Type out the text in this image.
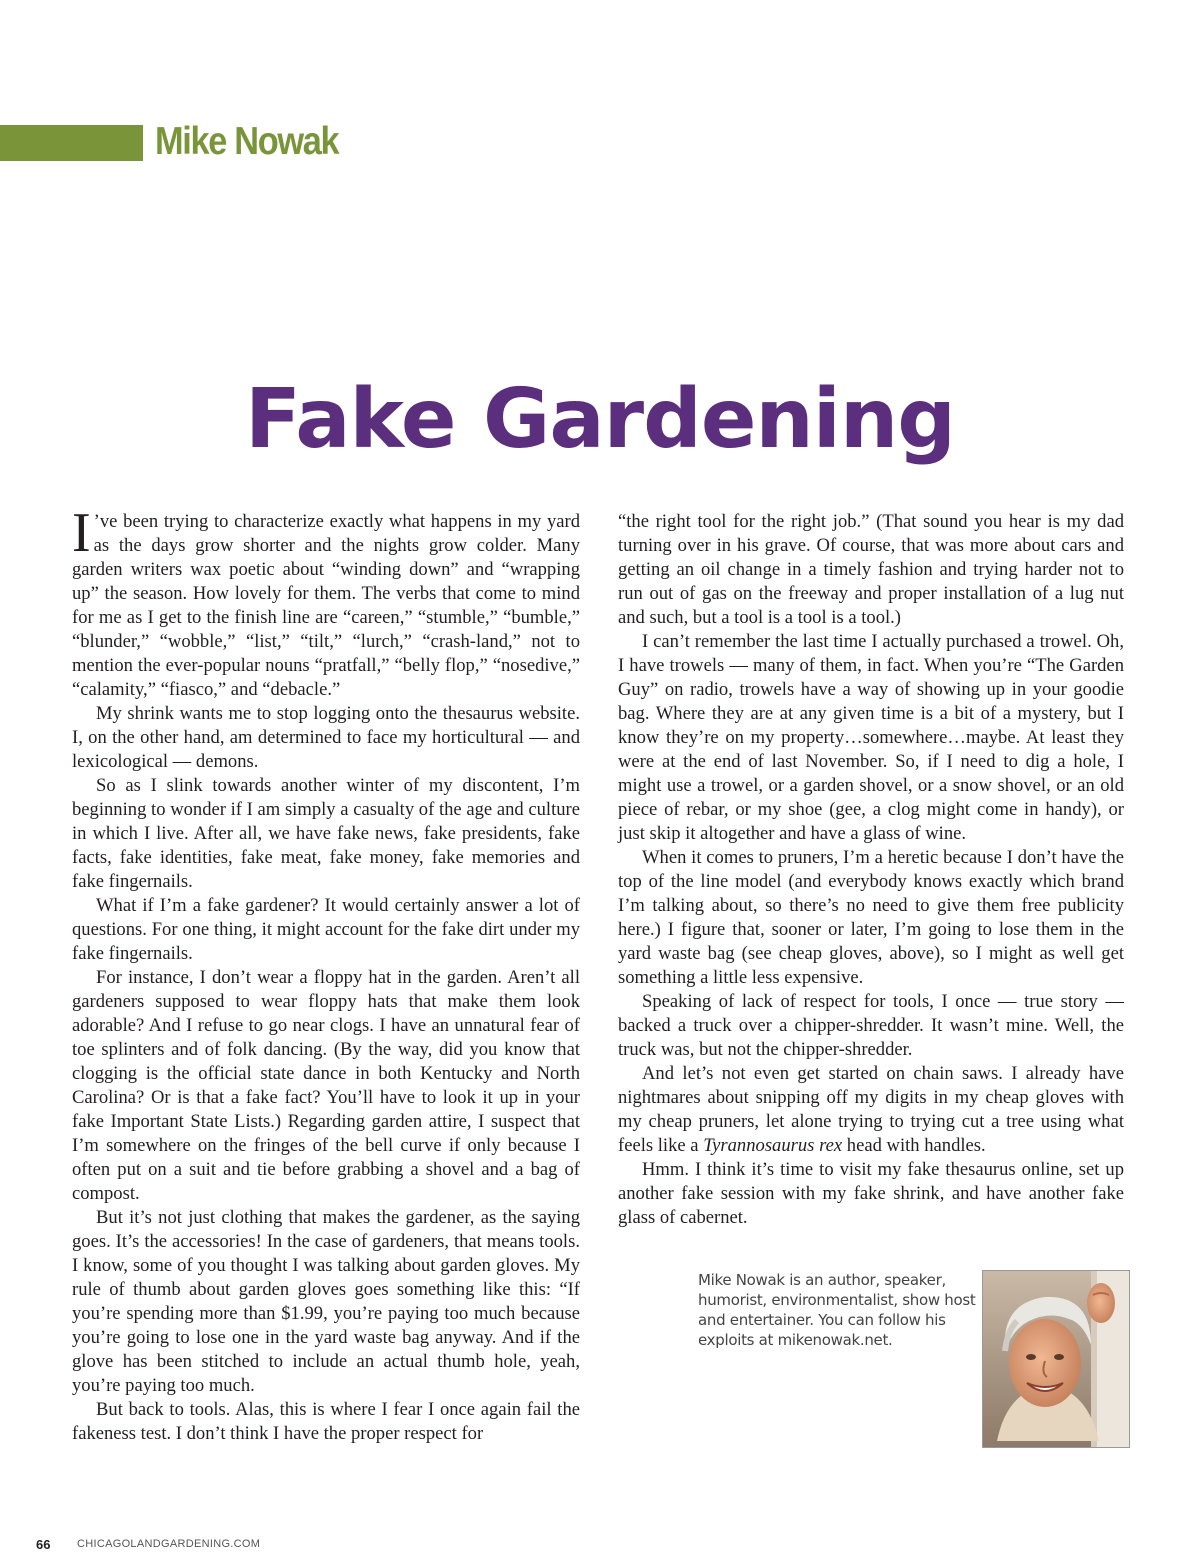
Mike Nowak
Fake Gardening

I ’ve been trying to characterize exactly what happens in my yard as the days grow shorter and the nights grow colder. Many garden writers wax poetic about “winding down” and “wrapping up” the season. How lovely for them. The verbs that come to mind for me as I get to the finish line are “careen,” “stumble,” “bumble,” “blunder,” “wobble,” “list,” “tilt,” “lurch,” “crash-land,” not to mention the ever-popular nouns “pratfall,” “belly flop,” “nosedive,” “calamity,” “fiasco,” and “debacle.”

My shrink wants me to stop logging onto the thesaurus website. I, on the other hand, am determined to face my horticultural — and lexicological — demons.

So as I slink towards another winter of my discontent, I’m beginning to wonder if I am simply a casualty of the age and culture in which I live. After all, we have fake news, fake presidents, fake facts, fake identities, fake meat, fake money, fake memories and fake fingernails.

What if I’m a fake gardener? It would certainly answer a lot of questions. For one thing, it might account for the fake dirt under my fake fingernails.

For instance, I don’t wear a floppy hat in the garden. Aren’t all gardeners supposed to wear floppy hats that make them look adorable? And I refuse to go near clogs. I have an unnatural fear of toe splinters and of folk dancing. (By the way, did you know that clogging is the official state dance in both Kentucky and North Carolina? Or is that a fake fact? You’ll have to look it up in your fake Important State Lists.) Regarding garden attire, I suspect that I’m somewhere on the fringes of the bell curve if only because I often put on a suit and tie before grabbing a shovel and a bag of compost.

But it’s not just clothing that makes the gardener, as the saying goes. It’s the accessories! In the case of gardeners, that means tools. I know, some of you thought I was talking about garden gloves. My rule of thumb about garden gloves goes something like this: “If you’re spending more than $1.99, you’re paying too much because you’re going to lose one in the yard waste bag anyway. And if the glove has been stitched to include an actual thumb hole, yeah, you’re paying too much.

But back to tools. Alas, this is where I fear I once again fail the fakeness test. I don’t think I have the proper respect for

“the right tool for the right job.” (That sound you hear is my dad turning over in his grave. Of course, that was more about cars and getting an oil change in a timely fashion and trying harder not to run out of gas on the freeway and proper installation of a lug nut and such, but a tool is a tool is a tool.)

I can’t remember the last time I actually purchased a trowel. Oh, I have trowels — many of them, in fact. When you’re “The Garden Guy” on radio, trowels have a way of showing up in your goodie bag. Where they are at any given time is a bit of a mystery, but I know they’re on my property…somewhere…maybe. At least they were at the end of last November. So, if I need to dig a hole, I might use a trowel, or a garden shovel, or a snow shovel, or an old piece of rebar, or my shoe (gee, a clog might come in handy), or just skip it altogether and have a glass of wine.

When it comes to pruners, I’m a heretic because I don’t have the top of the line model (and everybody knows exactly which brand I’m talking about, so there’s no need to give them free publicity here.) I figure that, sooner or later, I’m going to lose them in the yard waste bag (see cheap gloves, above), so I might as well get something a little less expensive.

Speaking of lack of respect for tools, I once — true story — backed a truck over a chipper-shredder. It wasn’t mine. Well, the truck was, but not the chipper-shredder.

And let’s not even get started on chain saws. I already have nightmares about snipping off my digits in my cheap gloves with my cheap pruners, let alone trying to trying cut a tree using what feels like a Tyrannosaurus rex head with handles.

Hmm. I think it’s time to visit my fake thesaurus online, set up another fake session with my fake shrink, and have another fake glass of cabernet.

Mike Nowak is an author, speaker, humorist, environmentalist, show host and entertainer. You can follow his exploits at mikenowak.net.
66 CHICAGOLANDGARDENING.COM
